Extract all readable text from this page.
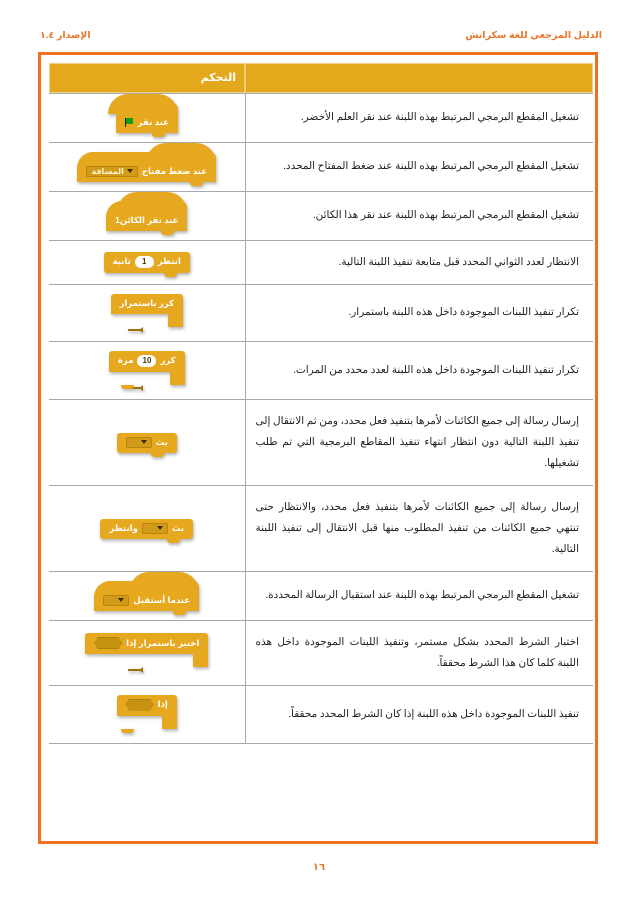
الدليل المرجعي للغة سكراتش
الإصدار ١.٤

	التحكم

تشغيل المقطع البرمجي المرتبط بهذه اللبنة عند نقر العلم الأخضر.	عند نقر

تشغيل المقطع البرمجي المرتبط بهذه اللبنة عند ضغط المفتاح المحدد.	عند ضغط مفتاح
المسافة

تشغيل المقطع البرمجي المرتبط بهذه اللبنة عند نقر هذا الكائن.	عند نقر الكائن1

الانتظار لعدد الثواني المحدد قبل متابعة تنفيذ اللبنة التالية.	انتظر
1
ثانية

تكرار تنفيذ اللبنات الموجودة داخل هذه اللبنة باستمرار.	كرر باستمرار

تكرار تنفيذ اللبنات الموجودة داخل هذه اللبنة لعدد محدد من المرات.	كرر
10
مرة

إرسال رسالة إلى جميع الكائنات لأمرها بتنفيذ فعل محدد، ومن ثم الانتقال إلى تنفيذ اللبنة التالية دون انتظار انتهاء تنفيذ المقاطع البرمجية التي تم طلب تشغيلها.	بث

إرسال رسالة إلى جميع الكائنات لأمرها بتنفيذ فعل محدد، والانتظار حتى تنتهي جميع الكائنات من تنفيذ المطلوب منها قبل الانتقال إلى تنفيذ اللبنة التالية.	بث
وانتظر

تشغيل المقطع البرمجي المرتبط بهذه اللبنة عند استقبال الرسالة المحددة.	عندما أستقبل

اختبار الشرط المحدد بشكل مستمر، وتنفيذ اللبنات الموجودة داخل هذه اللبنة كلما كان هذا الشرط محققاً.	اختبر باستمرار إذا

تنفيذ اللبنات الموجودة داخل هذه اللبنة إذا كان الشرط المحدد محققاً.	إذا

١٦
